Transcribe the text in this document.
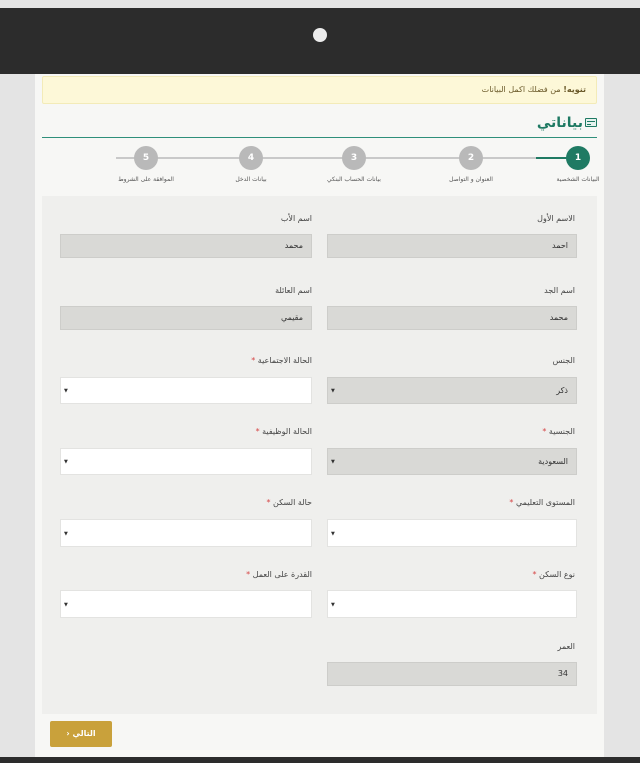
تنويه! من فضلك اكمل البيانات
بياناتي
1
2
3
4
5
البيانات الشخصية
العنوان و التواصل
بيانات الحساب البنكي
بيانات الدخل
الموافقة على الشروط
الاسم الأول
احمد
اسم الأب
محمد
اسم الجد
محمد
اسم العائلة
مقيمي
الجنس
ذكر
▼
الحالة الاجتماعية *
▼
الجنسية *
السعودية
▼
الحالة الوظيفية *
▼
المستوى التعليمي *
▼
حالة السكن *
▼
نوع السكن *
▼
القدرة على العمل *
▼
العمر
34
التالي ‹
